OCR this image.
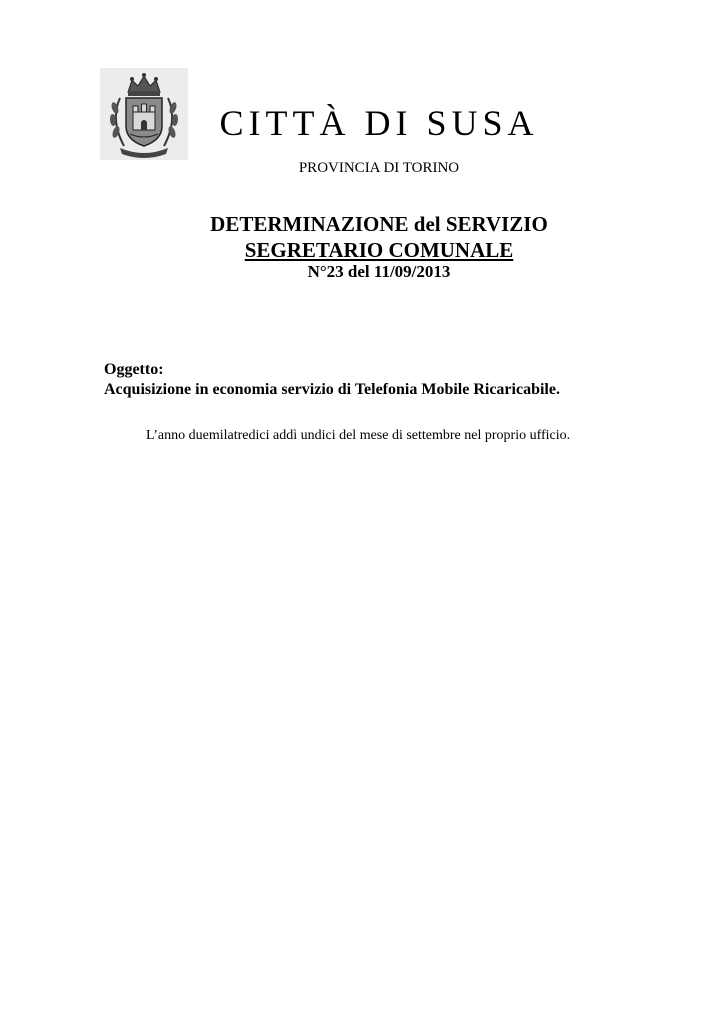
CITTÀ DI SUSA
PROVINCIA DI TORINO
DETERMINAZIONE del SERVIZIO
SEGRETARIO COMUNALE
N°23 del 11/09/2013
Oggetto:
Acquisizione in economia servizio di Telefonia Mobile Ricaricabile.
L’anno duemilatredici addì undici del mese di settembre nel proprio ufficio.
